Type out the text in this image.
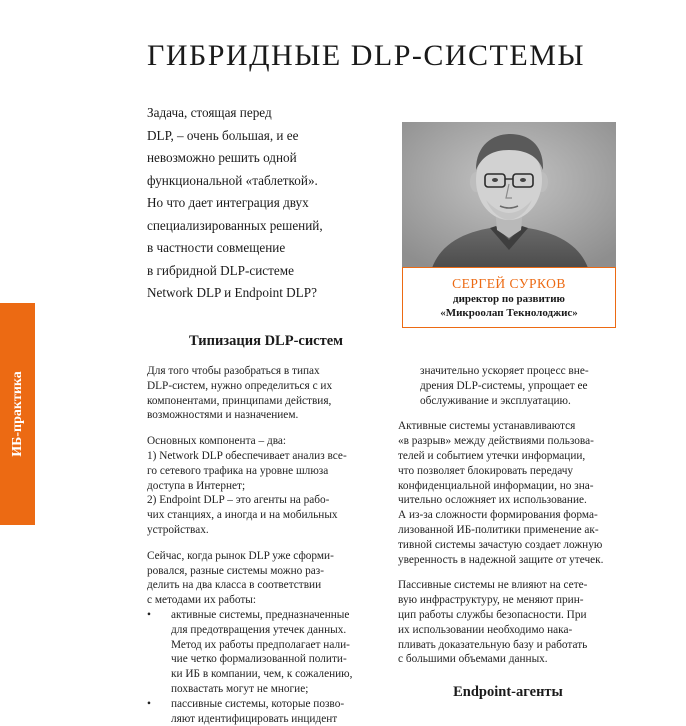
ГИБРИДНЫЕ DLP-СИСТЕМЫ
ИБ-практика
Задача, стоящая перед
DLP, – очень большая, и ее
невозможно решить одной
функциональной «таблеткой».
Но что дает интеграция двух
специализированных решений,
в частности совмещение
в гибридной DLP-системе
Network DLP и Endpoint DLP?
СЕРГЕЙ СУРКОВ
директор по развитию
«Микроолап Текнолоджис»
Типизация DLP-систем
Для того чтобы разобраться в типах
DLP-систем, нужно определиться с их
компонентами, принципами действия,
возможностями и назначением.
Основных компонента – два:
1) Network DLP обеспечивает анализ все-
го сетевого трафика на уровне шлюза
доступа в Интернет;
2) Endpoint DLP – это агенты на рабо-
чих станциях, а иногда и на мобильных
устройствах.
Сейчас, когда рынок DLP уже сформи-
ровался, разные системы можно раз-
делить на два класса в соответствии
с методами их работы:
• активные системы, предназначенные
для предотвращения утечек данных.
Метод их работы предполагает нали-
чие четко формализованной полити-
ки ИБ в компании, чем, к сожалению,
похвастать могут не многие;
• пассивные системы, которые позво-
ляют идентифицировать инцидент
значительно ускоряет процесс вне-
дрения DLP-системы, упрощает ее
обслуживание и эксплуатацию.
Активные системы устанавливаются
«в разрыв» между действиями пользова-
телей и событием утечки информации,
что позволяет блокировать передачу
конфиденциальной информации, но зна-
чительно осложняет их использование.
А из-за сложности формирования форма-
лизованной ИБ-политики применение ак-
тивной системы зачастую создает ложную
уверенность в надежной защите от утечек.
Пассивные системы не влияют на сете-
вую инфраструктуру, не меняют прин-
цип работы службы безопасности. При
их использовании необходимо нака-
пливать доказательную базу и работать
с большими объемами данных.
Endpoint-агенты
